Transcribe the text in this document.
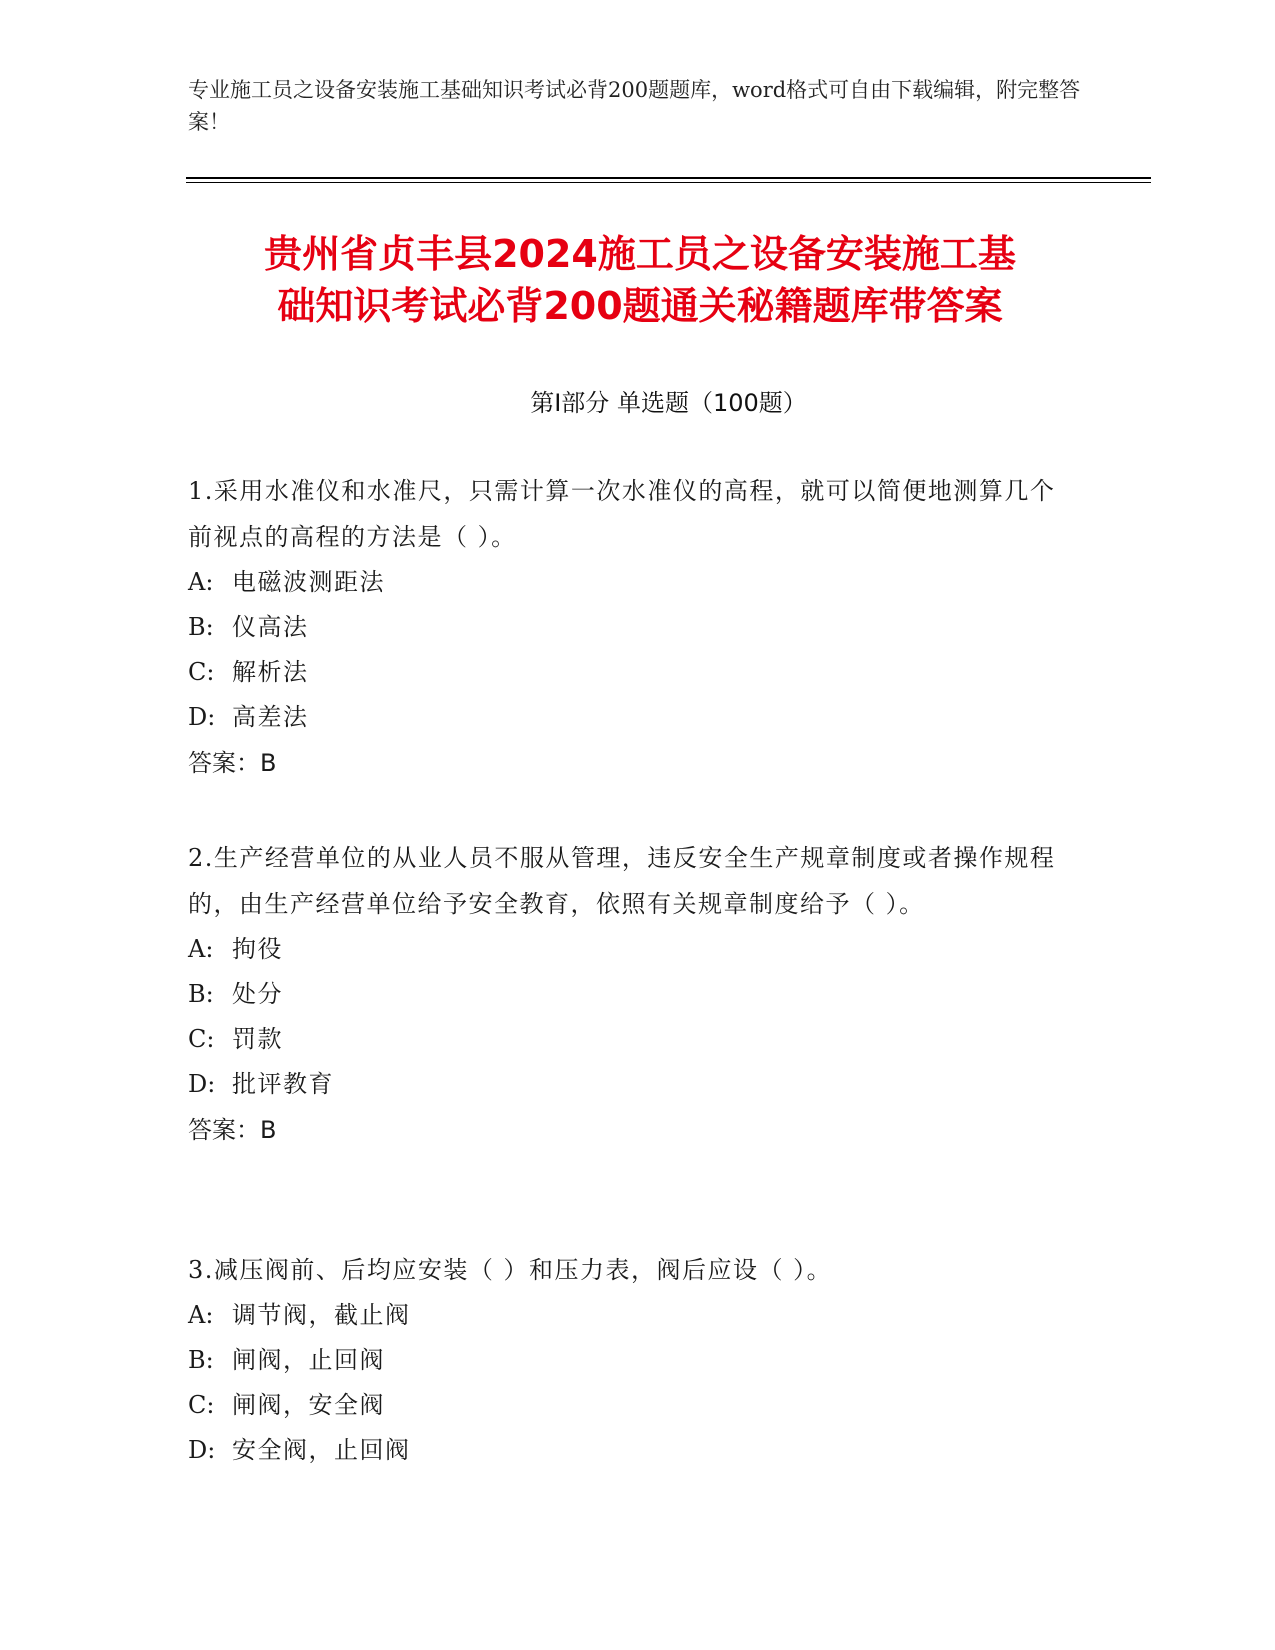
专业施工员之设备安装施工基础知识考试必背200题题库，word格式可自由下载编辑，附完整答案！
贵州省贞丰县2024施工员之设备安装施工基
础知识考试必背200题通关秘籍题库带答案
第Ⅰ部分 单选题（100题）
1.采用水准仪和水准尺，只需计算一次水准仪的高程，就可以简便地测算几个前视点的高程的方法是（ ）。
A: 电磁波测距法
B: 仪高法
C: 解析法
D: 高差法
答案：B
2.生产经营单位的从业人员不服从管理，违反安全生产规章制度或者操作规程的，由生产经营单位给予安全教育，依照有关规章制度给予（ ）。
A: 拘役
B: 处分
C: 罚款
D: 批评教育
答案：B
3.减压阀前、后均应安装（ ）和压力表，阀后应设（ ）。
A: 调节阀，截止阀
B: 闸阀，止回阀
C: 闸阀，安全阀
D: 安全阀，止回阀
